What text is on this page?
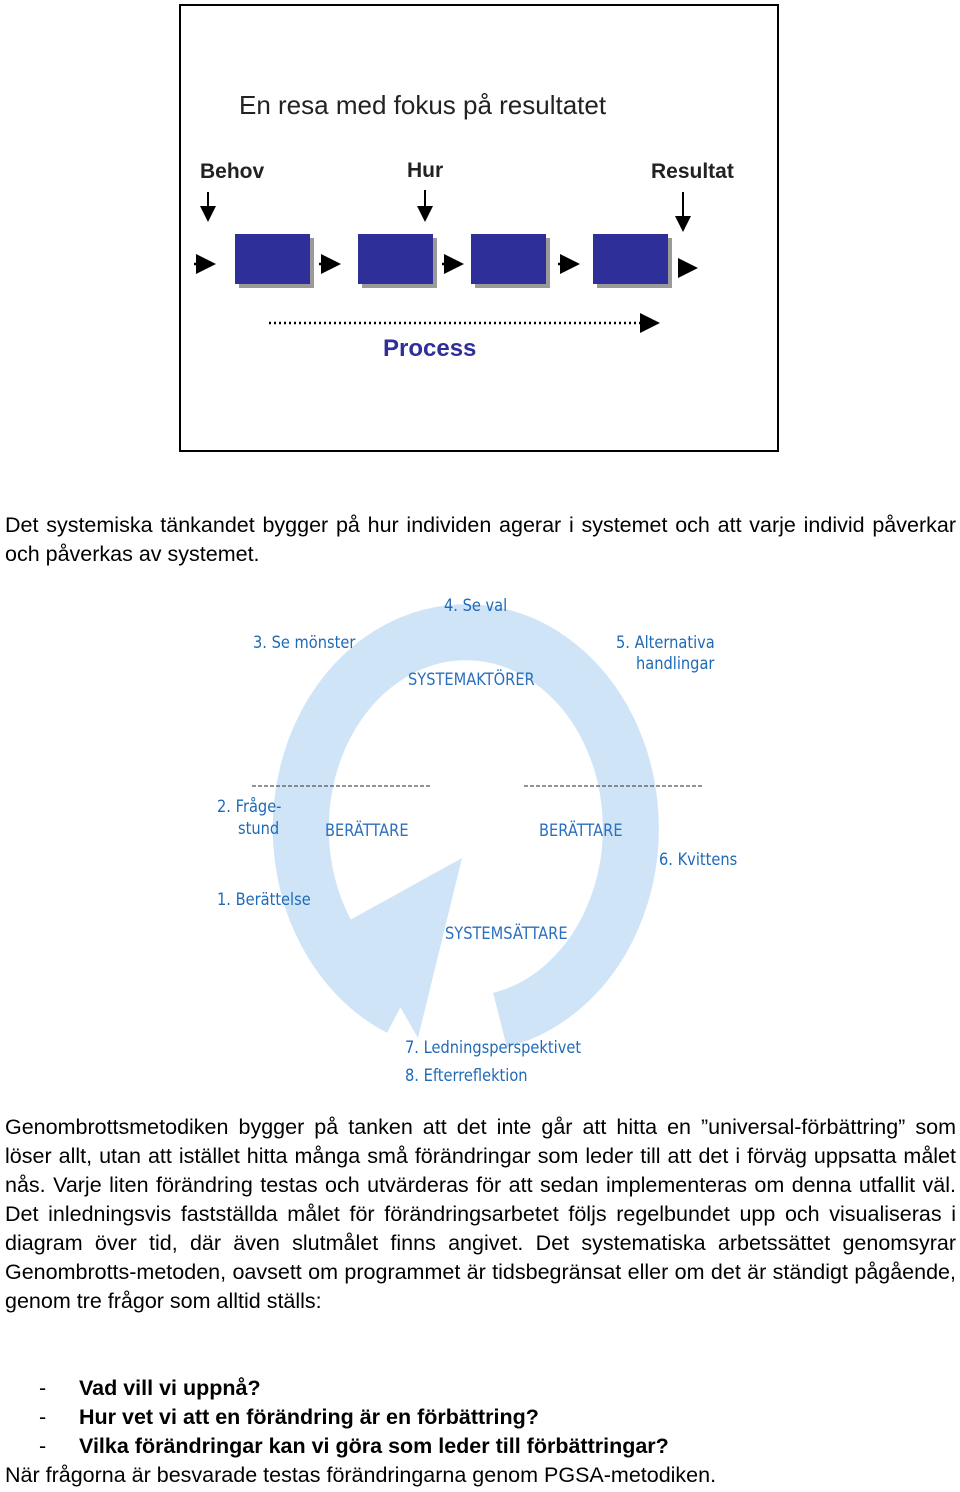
En resa med fokus på resultatet
Behov	Hur	Resultat
Process

Det systemiska tänkandet bygger på hur individen agerar i systemet och att varje individ påverkar och påverkas av systemet.

4. Se val
3. Se mönster	5. Alternativa
handlingar
SYSTEMAKTÖRER
2. Fråge-
stund	BERÄTTARE	BERÄTTARE
6. Kvittens
1. Berättelse
SYSTEMSÄTTARE
7. Ledningsperspektivet
8. Efterreflektion

Genombrottsmetodiken bygger på tanken att det inte går att hitta en ”universal-förbättring” som löser allt, utan att istället hitta många små förändringar som leder till att det i förväg uppsatta målet nås. Varje liten förändring testas och utvärderas för att sedan implementeras om denna utfallit väl. Det inledningsvis fastställda målet för förändringsarbetet följs regelbundet upp och visualiseras i diagram över tid, där även slutmålet finns angivet. Det systematiska arbetssättet genomsyrar Genombrotts-metoden, oavsett om programmet är tidsbegränsat eller om det är ständigt pågående, genom tre frågor som alltid ställs:

- Vad vill vi uppnå?
- Hur vet vi att en förändring är en förbättring?
- Vilka förändringar kan vi göra som leder till förbättringar?

När frågorna är besvarade testas förändringarna genom PGSA-metodiken.
